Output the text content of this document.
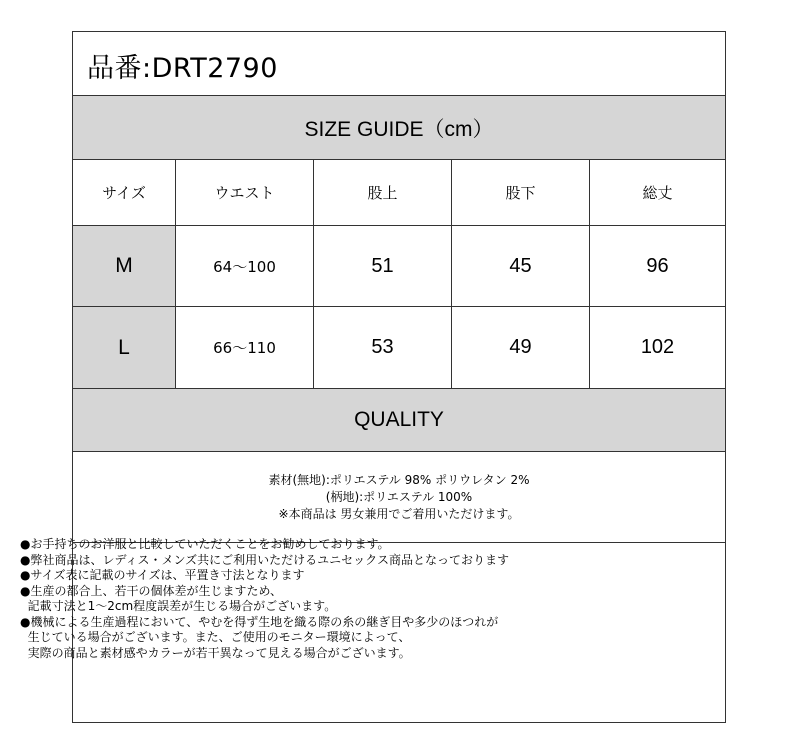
品番:DRT2790
SIZE GUIDE（cm）
サイズ	ウエスト	股上	股下	総丈
M	64〜100	51	45	96
L	66〜110	53	49	102
QUALITY
素材(無地):ポリエステル 98% ポリウレタン 2%
(柄地):ポリエステル 100%
※本商品は 男女兼用でご着用いただけます。
●お手持ちのお洋服と比較していただくことをお勧めしております。
●弊社商品は、レディス・メンズ共にご利用いただけるユニセックス商品となっております
●サイズ表に記載のサイズは、平置き寸法となります
●生産の都合上、若干の個体差が生じますため、
記載寸法と1〜2cm程度誤差が生じる場合がございます。
●機械による生産過程において、やむを得ず生地を織る際の糸の継ぎ目や多少のほつれが
生じている場合がございます。また、ご使用のモニター環境によって、
実際の商品と素材感やカラーが若干異なって見える場合がございます。
